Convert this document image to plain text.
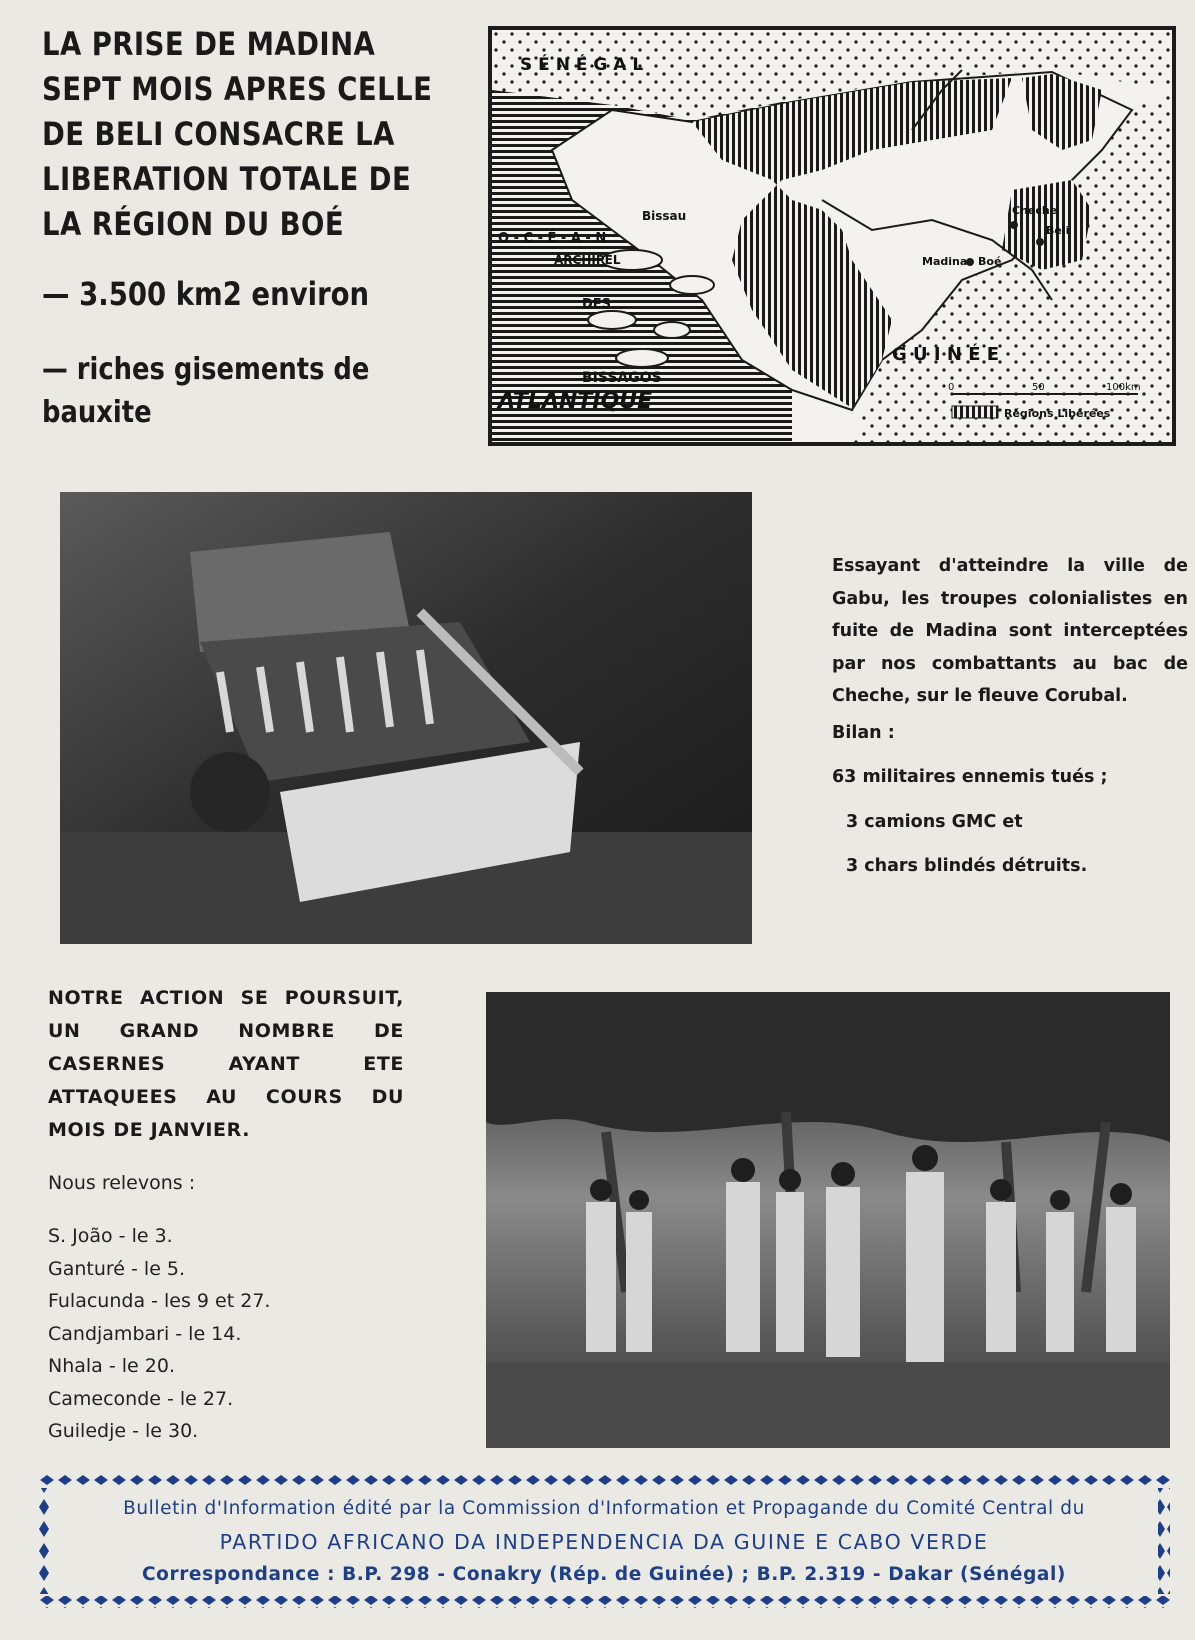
LA PRISE DE MADINA
SEPT MOIS APRES CELLE
DE BELI CONSACRE LA
LIBERATION TOTALE DE
LA RÉGION DU BOÉ
— 3.500 km2 environ
— riches gisements de
bauxite
S É N É G A L
G U I N É E
O - C - É - A - N
ARCHIPEL
DES
BISSAGOS
ATLANTIQUE
Bissau	Cheche
Beli
Madina Boé
0	50	100km
Régions Libérées

Essayant d'atteindre la ville de Gabu, les troupes colonialistes en fuite de Madina sont interceptées par nos combattants au bac de Cheche, sur le fleuve Corubal.

Bilan :

63 militaires ennemis tués ;

3 camions GMC et

3 chars blindés détruits.

NOTRE ACTION SE POURSUIT, UN GRAND NOMBRE DE CASERNES AYANT ETE ATTAQUEES AU COURS DU MOIS DE JANVIER.
Nous relevons :
S. João - le 3.
Ganturé - le 5.
Fulacunda - les 9 et 27.
Candjambari - le 14.
Nhala - le 20.
Cameconde - le 27.
Guiledje - le 30.
Bulletin d'Information édité par la Commission d'Information et Propagande du Comité Central du
PARTIDO AFRICANO DA INDEPENDENCIA DA GUINE E CABO VERDE
Correspondance : B.P. 298 - Conakry (Rép. de Guinée) ; B.P. 2.319 - Dakar (Sénégal)
